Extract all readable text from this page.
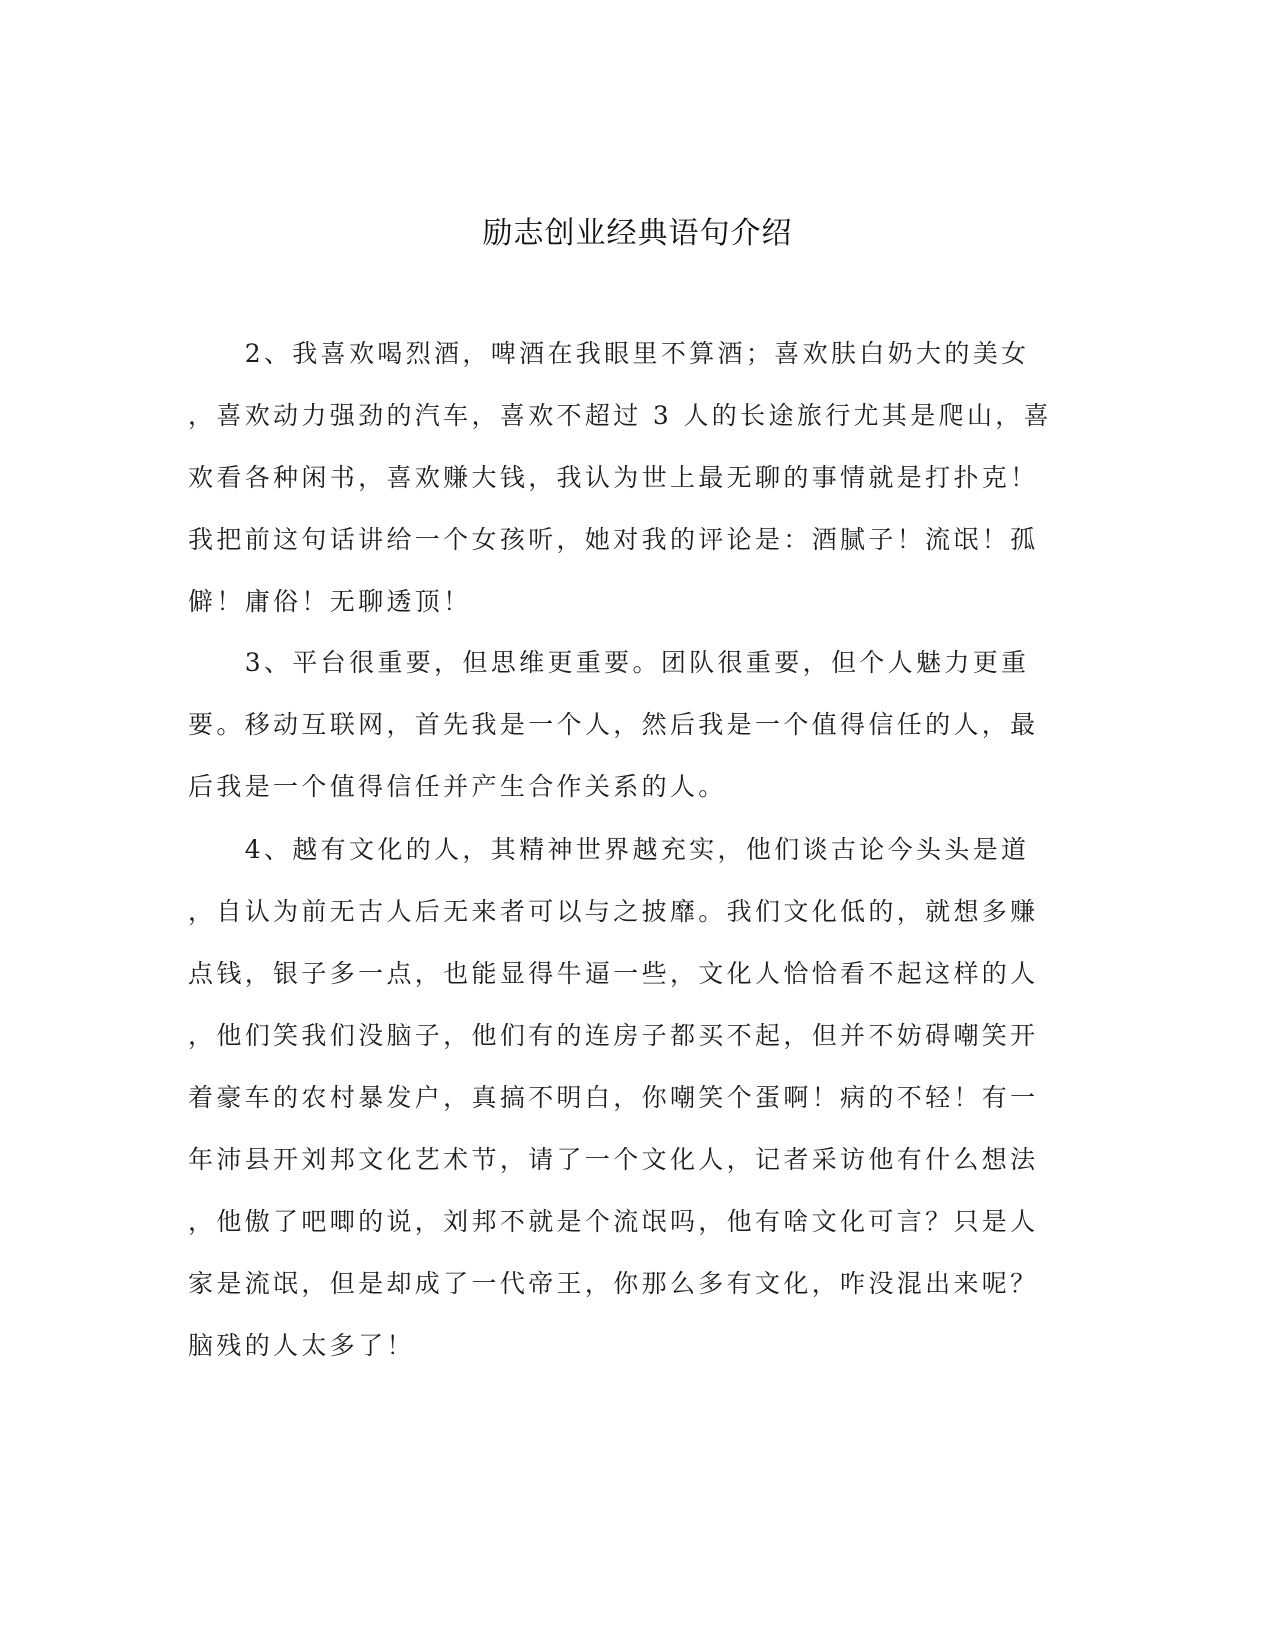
励志创业经典语句介绍
　　2、我喜欢喝烈酒，啤酒在我眼里不算酒；喜欢肤白奶大的美女
，喜欢动力强劲的汽车，喜欢不超过 3 人的长途旅行尤其是爬山，喜
欢看各种闲书，喜欢赚大钱，我认为世上最无聊的事情就是打扑克！
我把前这句话讲给一个女孩听，她对我的评论是：酒腻子！流氓！孤
僻！庸俗！无聊透顶！
　　3、平台很重要，但思维更重要。团队很重要，但个人魅力更重
要。移动互联网，首先我是一个人，然后我是一个值得信任的人，最
后我是一个值得信任并产生合作关系的人。
　　4、越有文化的人，其精神世界越充实，他们谈古论今头头是道
，自认为前无古人后无来者可以与之披靡。我们文化低的，就想多赚
点钱，银子多一点，也能显得牛逼一些，文化人恰恰看不起这样的人
，他们笑我们没脑子，他们有的连房子都买不起，但并不妨碍嘲笑开
着豪车的农村暴发户，真搞不明白，你嘲笑个蛋啊！病的不轻！有一
年沛县开刘邦文化艺术节，请了一个文化人，记者采访他有什么想法
，他傲了吧唧的说，刘邦不就是个流氓吗，他有啥文化可言？只是人
家是流氓，但是却成了一代帝王，你那么多有文化，咋没混出来呢？
脑残的人太多了！
